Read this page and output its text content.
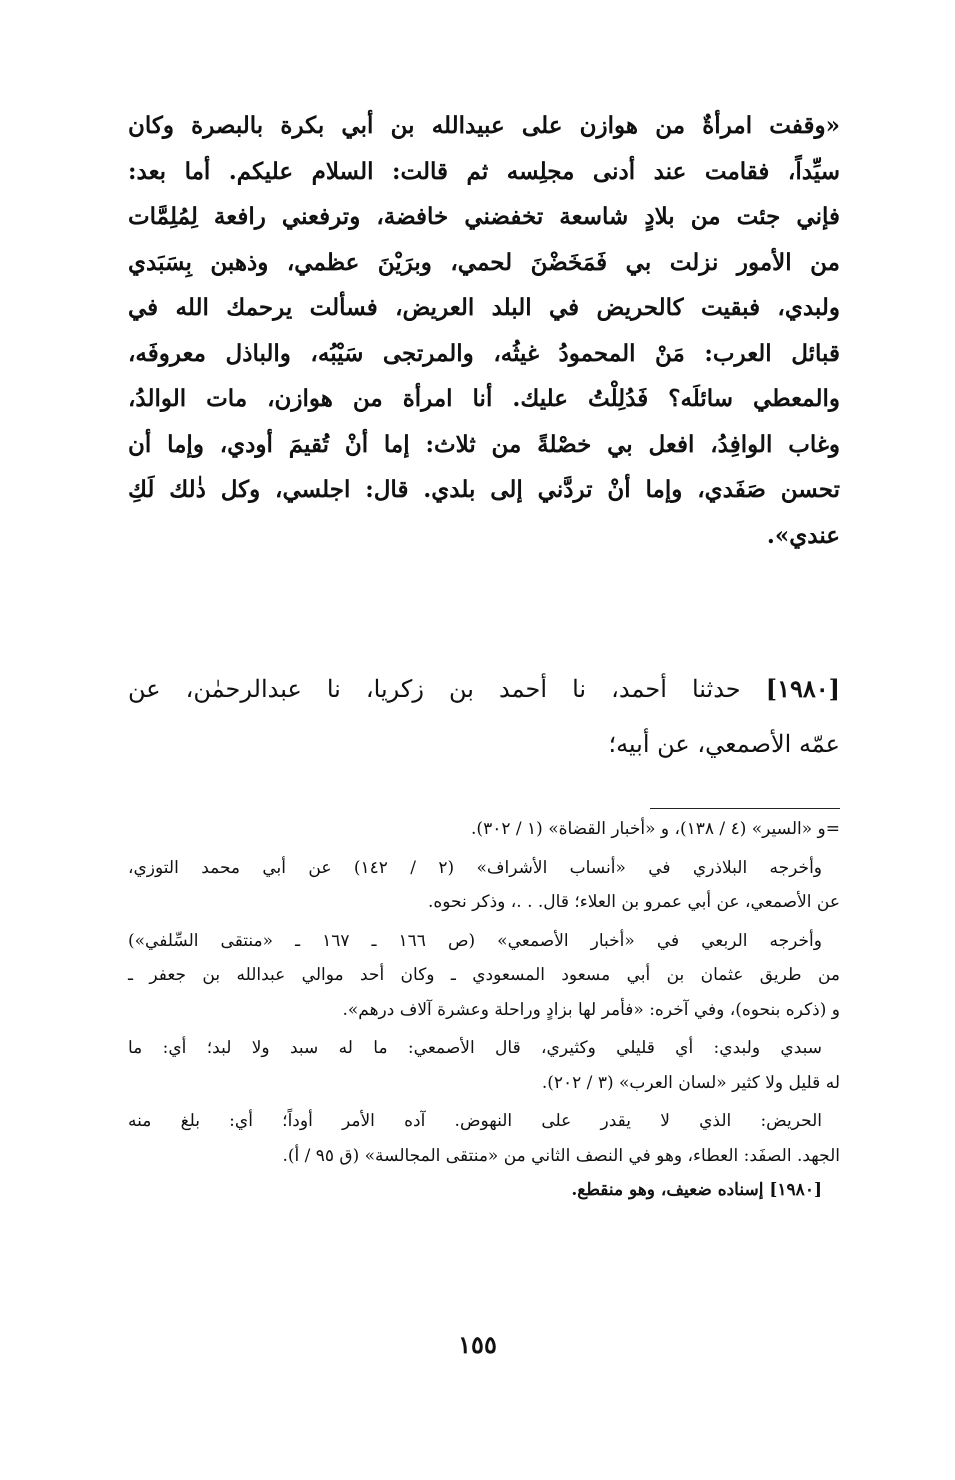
«وقفت امرأةٌ من هوازن على عبيدالله بن أبي بكرة بالبصرة وكان
سيِّداً، فقامت عند أدنى مجلِسه ثم قالت: السلام عليكم. أما بعد:
فإني جئت من بلادٍ شاسعة تخفضني خافضة، وترفعني رافعة لِمُلِمَّات
من الأمور نزلت بي فَمَخَضْنَ لحمي، وبرَيْنَ عظمي، وذهبن بِسَبَدي
ولبدي، فبقيت كالحريض في البلد العريض، فسألت يرحمك الله في
قبائل العرب: مَنْ المحمودُ غيثُه، والمرتجى سَيْبُه، والباذل معروفَه،
والمعطي سائلَه؟ فَدُلِلْتُ عليك. أنا امرأة من هوازن، مات الوالدُ،
وغاب الوافِدُ، افعل بي خصْلةً من ثلاث: إما أنْ تُقيمَ أودي، وإما أن
تحسن صَفَدي، وإما أنْ تردَّني إلى بلدي. قال: اجلسي، وكل ذٰلك لَكِ
عندي».
[١٩٨٠] حدثنا أحمد، نا أحمد بن زكريا، نا عبدالرحمٰن، عن
عمّه الأصمعي، عن أبيه؛
=و «السير» (٤ / ١٣٨)، و «أخبار القضاة» (١ / ٣٠٢).
وأخرجه البلاذري في «أنساب الأشراف» (٢ / ١٤٢) عن أبي محمد التوزي،
عن الأصمعي، عن أبي عمرو بن العلاء؛ قال. . .، وذكر نحوه.
وأخرجه الربعي في «أخبار الأصمعي» (ص ١٦٦ ـ ١٦٧ ـ «منتقى السِّلفي»)
من طريق عثمان بن أبي مسعود المسعودي ـ وكان أحد موالي عبدالله بن جعفر ـ
و (ذكره بنحوه)، وفي آخره: «فأمر لها بزادٍ وراحلة وعشرة آلاف درهم».
سبدي ولبدي: أي قليلي وكثيري، قال الأصمعي: ما له سبد ولا لبد؛ أي: ما
له قليل ولا كثير «لسان العرب» (٣ / ٢٠٢).
الحريض: الذي لا يقدر على النهوض. آده الأمر أوداً؛ أي: بلغ منه
الجهد. الصفَد: العطاء، وهو في النصف الثاني من «منتقى المجالسة» (ق ٩٥ / أ).
[١٩٨٠] إسناده ضعيف، وهو منقطع.
١٥٥
